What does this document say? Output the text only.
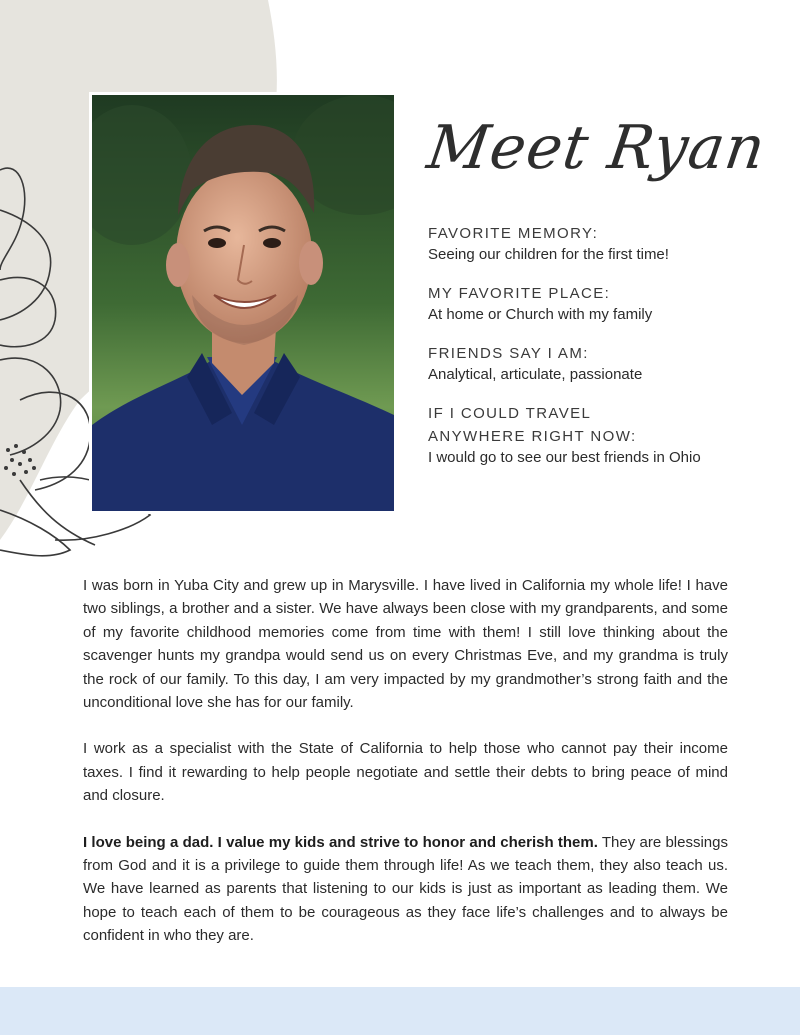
Meet Ryan
FAVORITE MEMORY:
Seeing our children for the first time!
MY FAVORITE PLACE:
At home or Church with my family
FRIENDS SAY I AM:
Analytical, articulate, passionate
IF I COULD TRAVEL ANYWHERE RIGHT NOW:
I would go to see our best friends in Ohio

I was born in Yuba City and grew up in Marysville. I have lived in California my whole life! I have two siblings, a brother and a sister. We have always been close with my grandparents, and some of my favorite childhood memories come from time with them! I still love thinking about the scavenger hunts my grandpa would send us on every Christmas Eve, and my grandma is truly the rock of our family. To this day, I am very impacted by my grandmother’s strong faith and the unconditional love she has for our family.

I work as a specialist with the State of California to help those who cannot pay their income taxes. I find it rewarding to help people negotiate and settle their debts to bring peace of mind and closure.

I love being a dad. I value my kids and strive to honor and cherish them. They are blessings from God and it is a privilege to guide them through life! As we teach them, they also teach us. We have learned as parents that listening to our kids is just as important as leading them. We hope to teach each of them to be courageous as they face life’s challenges and to always be confident in who they are.
